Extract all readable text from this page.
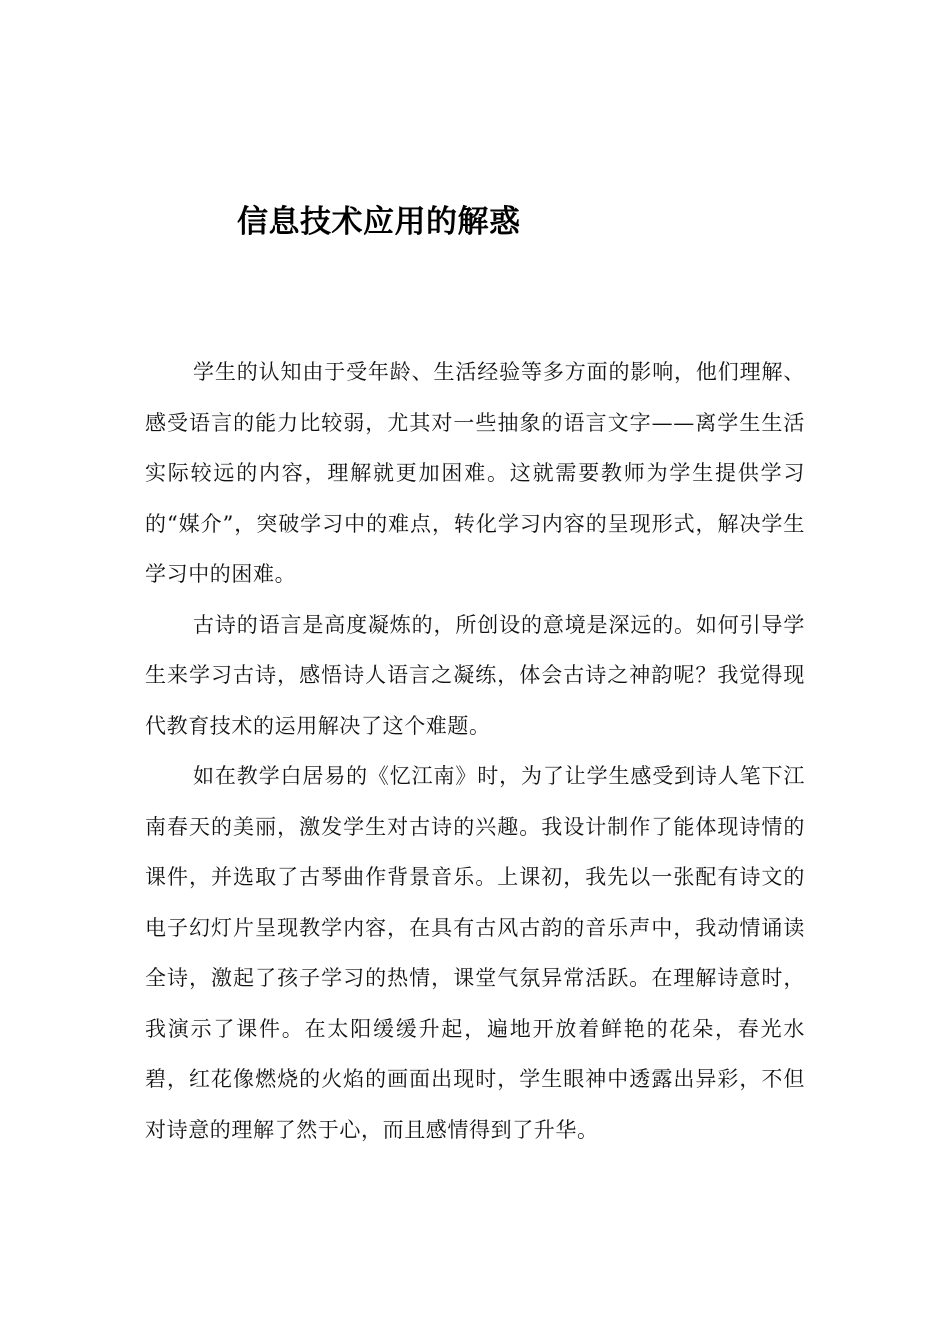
信息技术应用的解惑

学生的认知由于受年龄、生活经验等多方面的影响，他们理解、感受语言的能力比较弱，尤其对一些抽象的语言文字——离学生生活实际较远的内容，理解就更加困难。这就需要教师为学生提供学习的“媒介”，突破学习中的难点，转化学习内容的呈现形式，解决学生学习中的困难。

古诗的语言是高度凝炼的，所创设的意境是深远的。如何引导学生来学习古诗，感悟诗人语言之凝练，体会古诗之神韵呢？我觉得现代教育技术的运用解决了这个难题。

如在教学白居易的《忆江南》时，为了让学生感受到诗人笔下江南春天的美丽，激发学生对古诗的兴趣。我设计制作了能体现诗情的课件，并选取了古琴曲作背景音乐。上课初，我先以一张配有诗文的电子幻灯片呈现教学内容，在具有古风古韵的音乐声中，我动情诵读全诗，激起了孩子学习的热情，课堂气氛异常活跃。在理解诗意时，我演示了课件。在太阳缓缓升起，遍地开放着鲜艳的花朵，春光水碧，红花像燃烧的火焰的画面出现时，学生眼神中透露出异彩，不但对诗意的理解了然于心，而且感情得到了升华。
